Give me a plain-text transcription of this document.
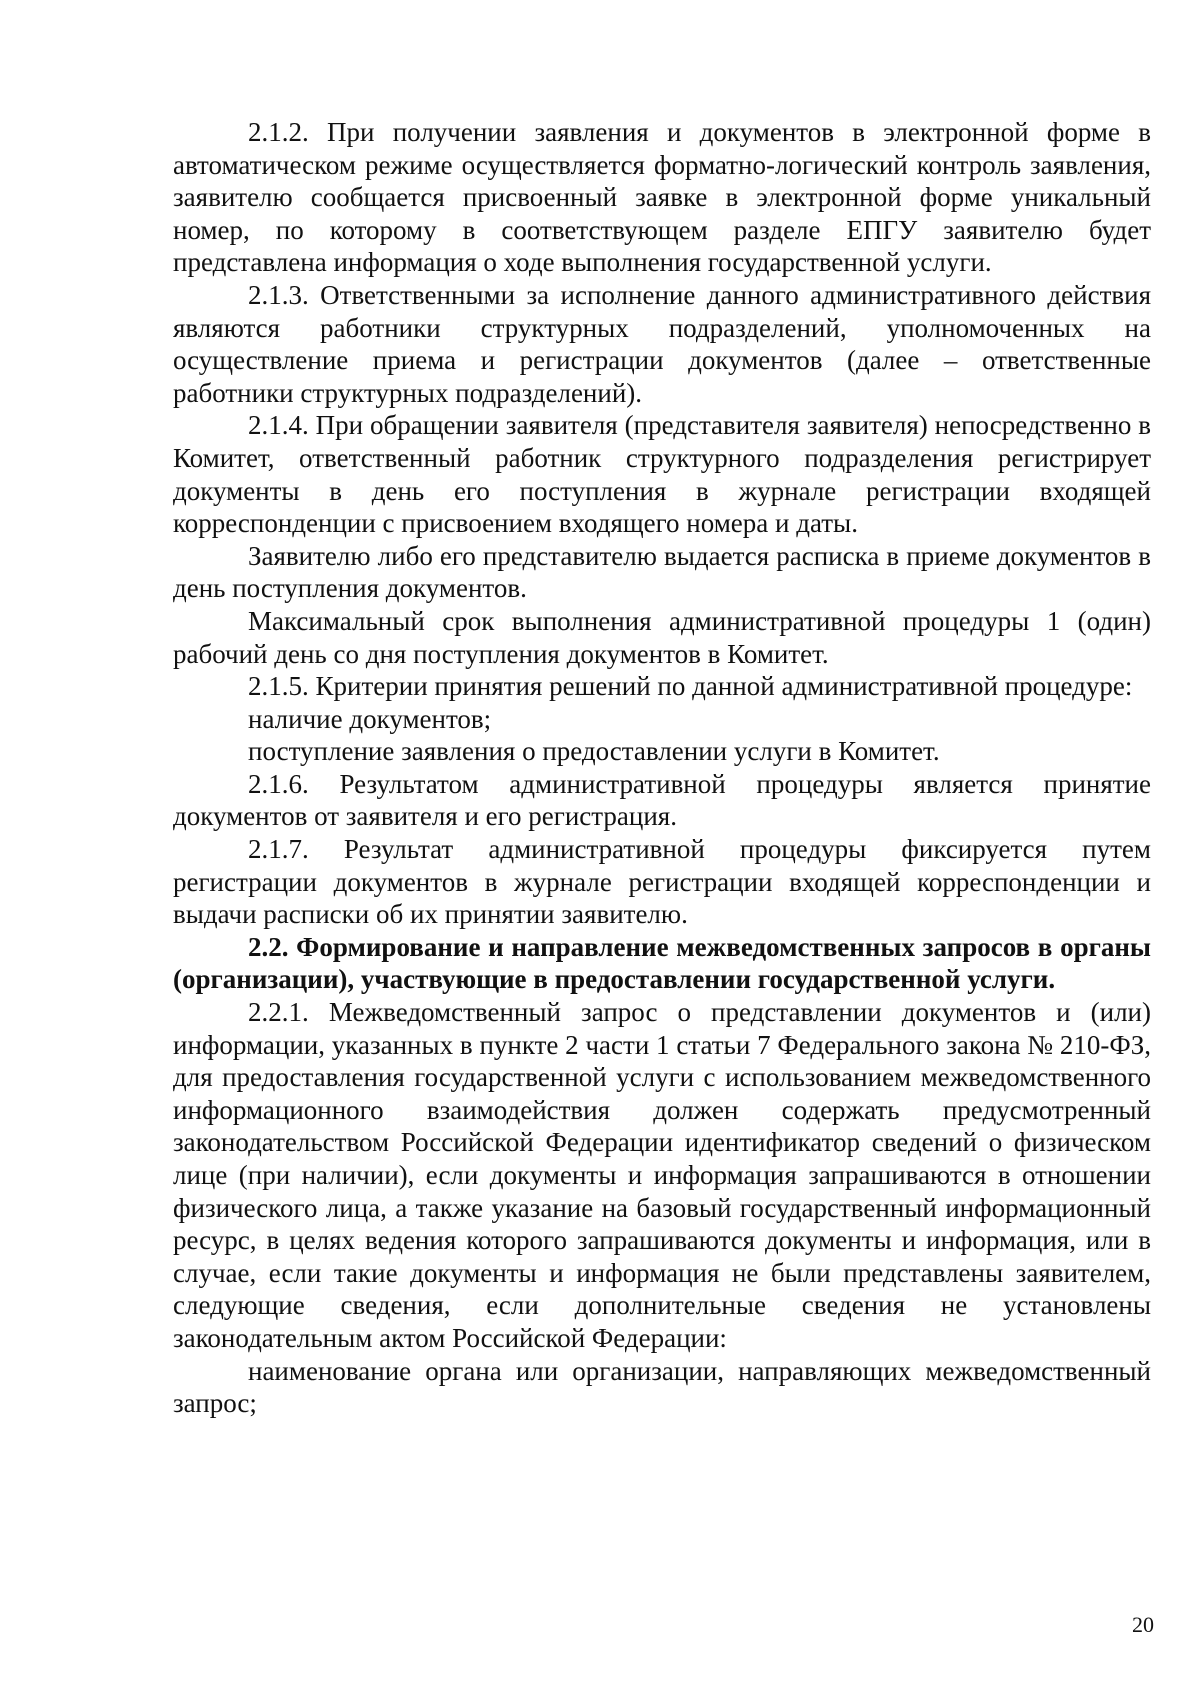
2.1.2. При получении заявления и документов в электронной форме в автоматическом режиме осуществляется форматно-логический контроль заявления, заявителю сообщается присвоенный заявке в электронной форме уникальный номер, по которому в соответствующем разделе ЕПГУ заявителю будет представлена информация о ходе выполнения государственной услуги.

2.1.3. Ответственными за исполнение данного административного действия являются работники структурных подразделений, уполномоченных на осуществление приема и регистрации документов (далее – ответственные работники структурных подразделений).

2.1.4. При обращении заявителя (представителя заявителя) непосредственно в Комитет, ответственный работник структурного подразделения регистрирует документы в день его поступления в журнале регистрации входящей корреспонденции с присвоением входящего номера и даты.

Заявителю либо его представителю выдается расписка в приеме документов в день поступления документов.

Максимальный срок выполнения административной процедуры 1 (один) рабочий день со дня поступления документов в Комитет.

2.1.5. Критерии принятия решений по данной административной процедуре:

наличие документов;

поступление заявления о предоставлении услуги в Комитет.

2.1.6. Результатом административной процедуры является принятие документов от заявителя и его регистрация.

2.1.7. Результат административной процедуры фиксируется путем регистрации документов в журнале регистрации входящей корреспонденции и выдачи расписки об их принятии заявителю.

2.2. Формирование и направление межведомственных запросов в органы (организации), участвующие в предоставлении государственной услуги.

2.2.1. Межведомственный запрос о представлении документов и (или) информации, указанных в пункте 2 части 1 статьи 7 Федерального закона № 210-ФЗ, для предоставления государственной услуги с использованием межведомственного информационного взаимодействия должен содержать предусмотренный законодательством Российской Федерации идентификатор сведений о физическом лице (при наличии), если документы и информация запрашиваются в отношении физического лица, а также указание на базовый государственный информационный ресурс, в целях ведения которого запрашиваются документы и информация, или в случае, если такие документы и информация не были представлены заявителем, следующие сведения, если дополнительные сведения не установлены законодательным актом Российской Федерации:

наименование органа или организации, направляющих межведомственный запрос;

20
